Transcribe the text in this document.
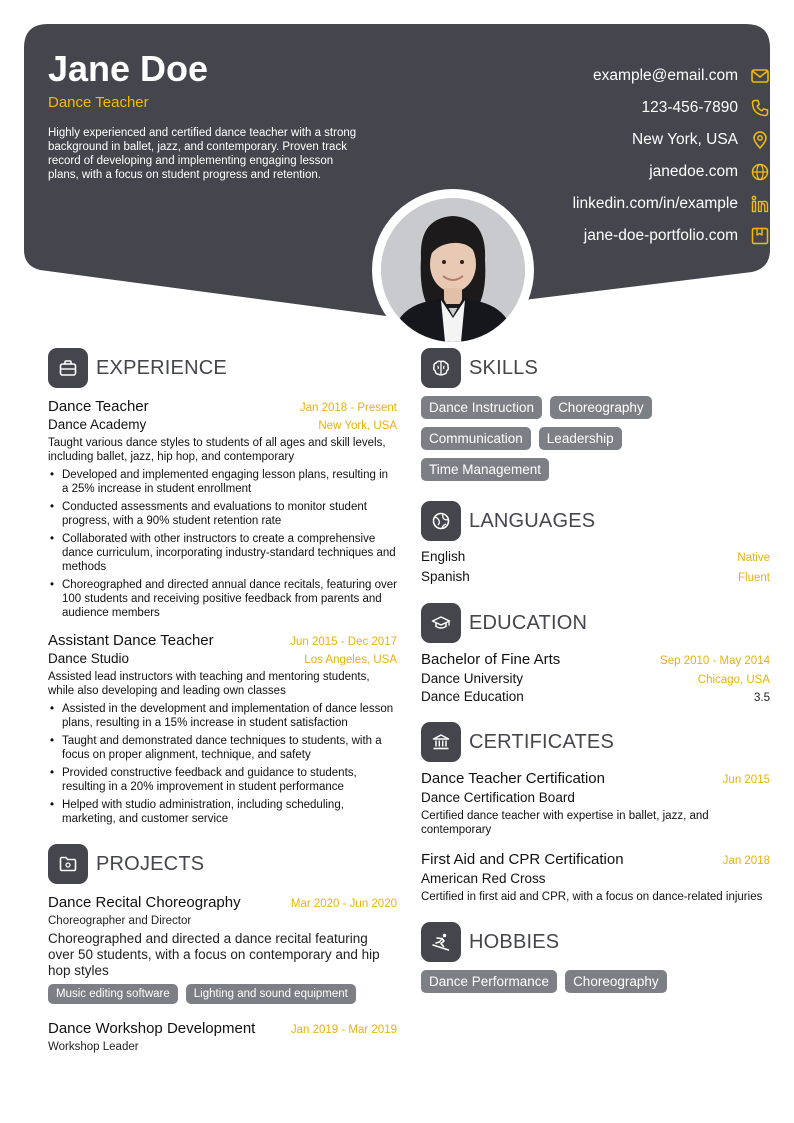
Jane Doe
Dance Teacher
Highly experienced and certified dance teacher with a strong background in ballet, jazz, and contemporary. Proven track record of developing and implementing engaging lesson plans, with a focus on student progress and retention.
example@email.com
123-456-7890
New York, USA
janedoe.com
linkedin.com/in/example
jane-doe-portfolio.com
EXPERIENCE
Dance Teacher	Jan 2018 - Present
Dance Academy	New York, USA
Taught various dance styles to students of all ages and skill levels, including ballet, jazz, hip hop, and contemporary
• Developed and implemented engaging lesson plans, resulting in a 25% increase in student enrollment
• Conducted assessments and evaluations to monitor student progress, with a 90% student retention rate
• Collaborated with other instructors to create a comprehensive dance curriculum, incorporating industry-standard techniques and methods
• Choreographed and directed annual dance recitals, featuring over 100 students and receiving positive feedback from parents and audience members
Assistant Dance Teacher	Jun 2015 - Dec 2017
Dance Studio	Los Angeles, USA
Assisted lead instructors with teaching and mentoring students, while also developing and leading own classes
• Assisted in the development and implementation of dance lesson plans, resulting in a 15% increase in student satisfaction
• Taught and demonstrated dance techniques to students, with a focus on proper alignment, technique, and safety
• Provided constructive feedback and guidance to students, resulting in a 20% improvement in student performance
• Helped with studio administration, including scheduling, marketing, and customer service
PROJECTS
Dance Recital Choreography	Mar 2020 - Jun 2020
Choreographer and Director
Choreographed and directed a dance recital featuring over 50 students, with a focus on contemporary and hip hop styles
Music editing software	Lighting and sound equipment
Dance Workshop Development	Jan 2019 - Mar 2019
Workshop Leader
SKILLS
Dance Instruction	Choreography
Communication	Leadership
Time Management
LANGUAGES
English	Native
Spanish	Fluent
EDUCATION
Bachelor of Fine Arts	Sep 2010 - May 2014
Dance University	Chicago, USA
Dance Education	3.5
CERTIFICATES
Dance Teacher Certification	Jun 2015
Dance Certification Board
Certified dance teacher with expertise in ballet, jazz, and contemporary
First Aid and CPR Certification	Jan 2018
American Red Cross
Certified in first aid and CPR, with a focus on dance-related injuries
HOBBIES
Dance Performance	Choreography
